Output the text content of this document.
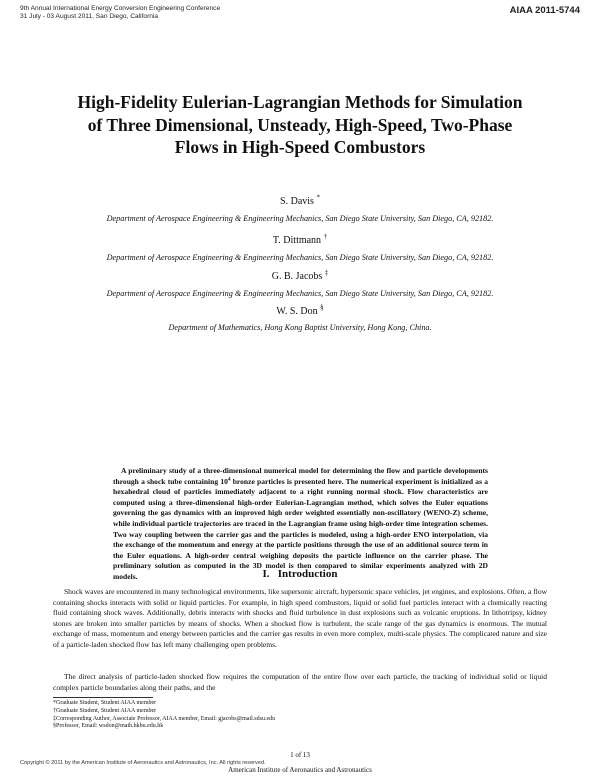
9th Annual International Energy Conversion Engineering Conference
31 July - 03 August 2011, San Diego, California
AIAA 2011-5744
High-Fidelity Eulerian-Lagrangian Methods for Simulation of Three Dimensional, Unsteady, High-Speed, Two-Phase Flows in High-Speed Combustors
S. Davis *
Department of Aerospace Engineering & Engineering Mechanics, San Diego State University, San Diego, CA, 92182.
T. Dittmann †
Department of Aerospace Engineering & Engineering Mechanics, San Diego State University, San Diego, CA, 92182.
G. B. Jacobs ‡
Department of Aerospace Engineering & Engineering Mechanics, San Diego State University, San Diego, CA, 92182.
W. S. Don §
Department of Mathematics, Hong Kong Baptist University, Hong Kong, China.
A preliminary study of a three-dimensional numerical model for determining the flow and particle developments through a shock tube containing $10^4$ bronze particles is presented here. The numerical experiment is initialized as a hexahedral cloud of particles immediately adjacent to a right running normal shock. Flow characteristics are computed using a three-dimensional high-order Eulerian-Lagrangian method, which solves the Euler equations governing the gas dynamics with an improved high order weighted essentially non-oscillatory (WENO-Z) scheme, while individual particle trajectories are traced in the Lagrangian frame using high-order time integration schemes. Two way coupling between the carrier gas and the particles is modeled, using a high-order ENO interpolation, via the exchange of the momentum and energy at the particle positions through the use of an additional source term in the Euler equations. A high-order central weighing deposits the particle influence on the carrier phase. The preliminary solution as computed in the 3D model is then compared to similar experiments analyzed with 2D models.	I. Introduction
Shock waves are encountered in many technological environments, like supersonic aircraft, hypersonic space vehicles, jet engines, and explosions. Often, a flow containing shocks interacts with solid or liquid particles. For example, in high speed combustors, liquid or solid fuel particles interact with a chemically reacting fluid containing shock waves. Additionally, debris interacts with shocks and fluid turbulence in dust explosions such as volcanic eruptions. In lithotripsy, kidney stones are broken into smaller particles by means of shocks. When a shocked flow is turbulent, the scale range of the gas dynamics is enormous. The mutual exchange of mass, momentum and energy between particles and the carrier gas results in even more complex, multi-scale physics. The complicated nature and size of a particle-laden shocked flow has left many challenging open problems.
The direct analysis of particle-laden shocked flow requires the computation of the entire flow over each particle, the tracking of individual solid or liquid complex particle boundaries along their paths, and the
*Graduate Student, Student AIAA member
†Graduate Student, Student AIAA member
‡Corresponding Author, Associate Professor, AIAA member, Email: gjacobs@mail.sdsu.edu
§Professor, Email: wsdon@math.hkbu.edu.hk
1 of 13
Copyright © 2011 by the American Institute of Aeronautics and Astronautics, Inc. All rights reserved.
American Institute of Aeronautics and Astronautics
